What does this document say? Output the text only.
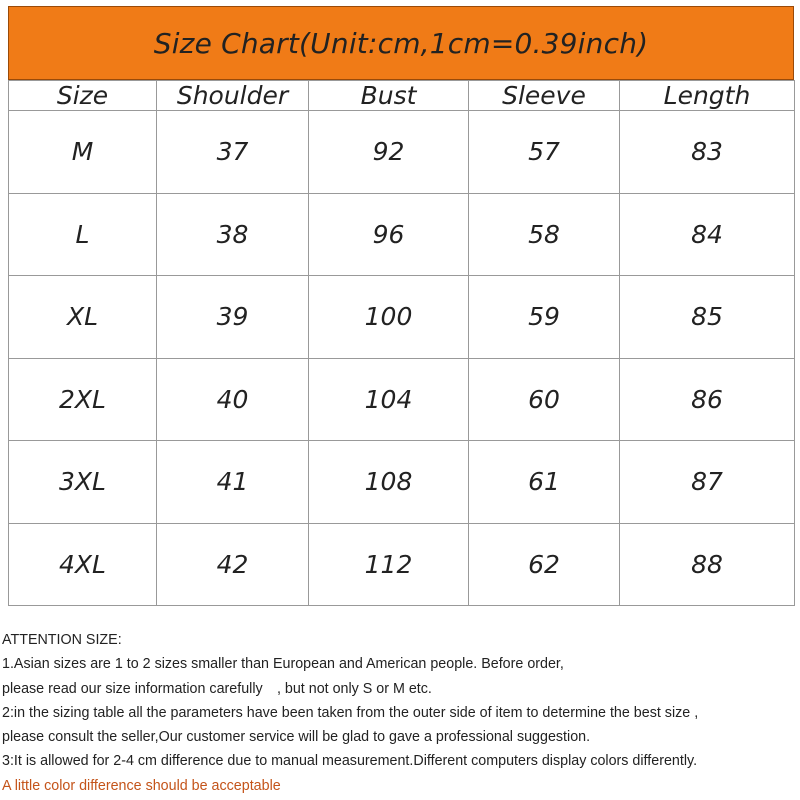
Size Chart(Unit:cm,1cm=0.39inch)
Size	Shoulder	Bust	Sleeve	Length
M	37	92	57	83
L	38	96	58	84
XL	39	100	59	85
2XL	40	104	60	86
3XL	41	108	61	87
4XL	42	112	62	88
ATTENTION SIZE:
1.Asian sizes are 1 to 2 sizes smaller than European and American people. Before order,
please read our size information carefully　, but not only S or M etc.
2:in the sizing table all the parameters have been taken from the outer side of item to determine the best size ,
please consult the seller,Our customer service will be glad to gave a professional suggestion.
3:It is allowed for 2-4 cm difference due to manual measurement.Different computers display colors differently.
A little color difference should be acceptable
